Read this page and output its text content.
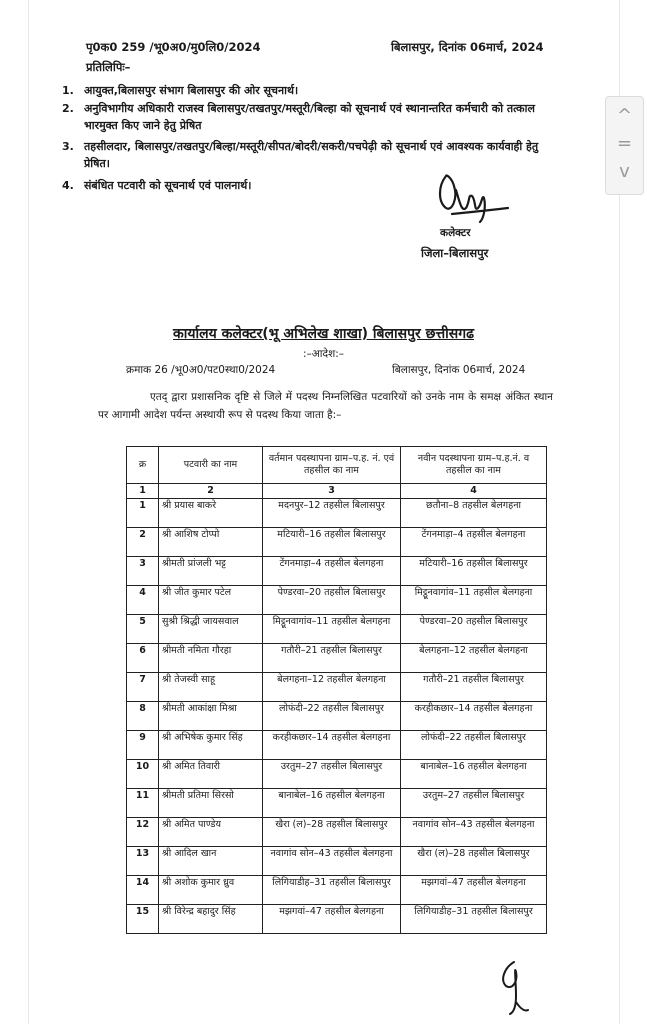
पृ0क0 259 /भू0अ0/मु0लि0/2024	बिलासपुर, दिनांक 06मार्च, 2024
प्रतिलिपिः–
1. आयुक्त,बिलासपुर संभाग बिलासपुर की ओर सूचनार्थ।
2. अनुविभागीय अधिकारी राजस्व बिलासपुर/तखतपुर/मस्तूरी/बिल्हा को सूचनार्थ एवं स्थानान्तरित कर्मचारी को तत्काल भारमुक्त किए जाने हेतु प्रेषित
3. तहसीलदार, बिलासपुर/तखतपुर/बिल्हा/मस्तूरी/सीपत/बोदरी/सकरी/पचपेढ़ी को सूचनार्थ एवं आवश्यक कार्यवाही हेतु प्रेषित।
4. संबंधित पटवारी को सूचनार्थ एवं पालनार्थ।
कलेक्टर
जिला–बिलासपुर
कार्यालय कलेक्टर(भू अभिलेख शाखा) बिलासपुर छत्तीसगढ
:–आदेश:–
क्रमाक 26 /भू0अ0/पट0स्था0/2024	बिलासपुर, दिनांक 06मार्च, 2024
एतद् द्वारा प्रशासनिक दृष्टि से जिले में पदस्थ निम्नलिखित पटवारियों को उनके नाम के समक्ष अंकित स्थान पर आगामी आदेश पर्यन्त अस्थायी रूप से पदस्थ किया जाता है:–
क्र	पटवारी का नाम	वर्तमान पदस्थापना ग्राम–प.ह. नं. एवं तहसील का नाम	नवीन पदस्थापना ग्राम–प.ह.नं. व तहसील का नाम
1	2	3	4
1	श्री प्रयास बाकरे	मदनपुर–12 तहसील बिलासपुर	छतौना–8 तहसील बेलगहना
2	श्री आशिष टोप्पो	मटियारी–16 तहसील बिलासपुर	टेंगनमाड़ा–4 तहसील बेलगहना
3	श्रीमती प्रांजली भट्ट	टेंगनमाड़ा–4 तहसील बेलगहना	मटियारी–16 तहसील बिलासपुर
4	श्री जीत कुमार पटेल	पेण्डरवा–20 तहसील बिलासपुर	मिट्ठूनवागांव–11 तहसील बेलगहना
5	सुश्री श्रिद्धी जायसवाल	मिट्ठूनवागांव–11 तहसील बेलगहना	पेण्डरवा–20 तहसील बिलासपुर
6	श्रीमती नमिता गौरहा	गतौरी–21 तहसील बिलासपुर	बेलगहना–12 तहसील बेलगहना
7	श्री तेजस्वी साहू	बेलगहना–12 तहसील बेलगहना	गतौरी–21 तहसील बिलासपुर
8	श्रीमती आकांक्षा मिश्रा	लोफंदी–22 तहसील बिलासपुर	करहीकछार–14 तहसील बेलगहना
9	श्री अभिषेक कुमार सिंह	करहीकछार–14 तहसील बेलगहना	लोफंदी–22 तहसील बिलासपुर
10	श्री अमित तिवारी	उरतुम–27 तहसील बिलासपुर	बानाबेल–16 तहसील बेलगहना
11	श्रीमती प्रतिमा सिरसो	बानाबेल–16 तहसील बेलगहना	उरतुम–27 तहसील बिलासपुर
12	श्री अमित पाण्डेय	खैरा (ल)–28 तहसील बिलासपुर	नवागांव सोन–43 तहसील बेलगहना
13	श्री आदिल खान	नवागांव सोन–43 तहसील बेलगहना	खैरा (ल)–28 तहसील बिलासपुर
14	श्री अशोक कुमार ध्रुव	लिगियाडीह–31 तहसील बिलासपुर	मझगवां–47 तहसील बेलगहना
15	श्री विरेन्द्र बहादुर सिंह	मझगवां–47 तहसील बेलगहना	लिगियाडीह–31 तहसील बिलासपुर
^
=
v
